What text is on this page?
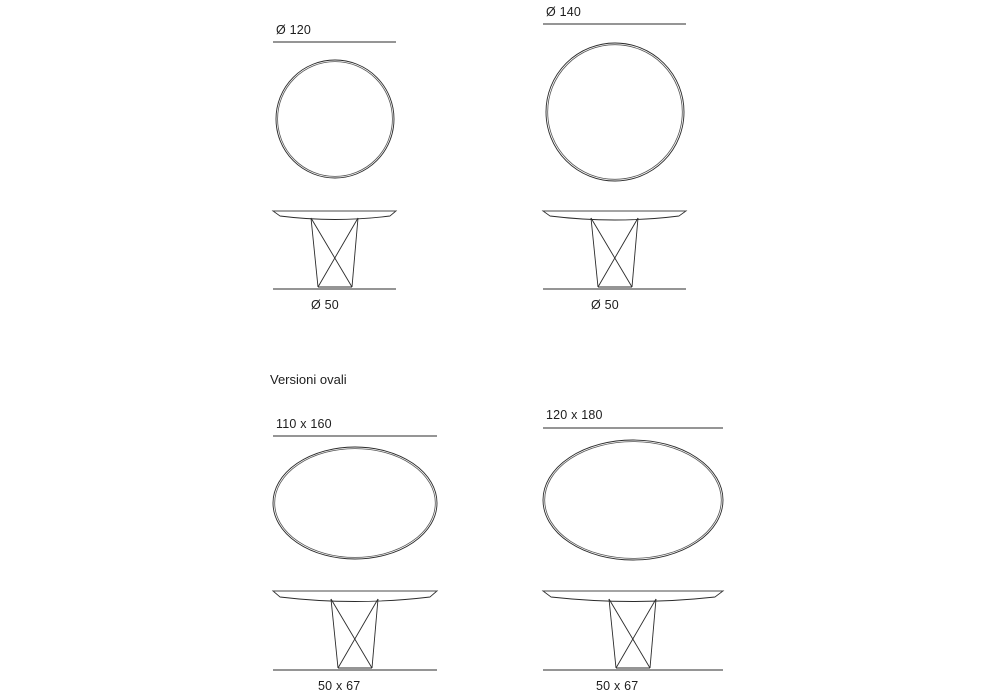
Ø 120
Ø 50
Ø 140
Ø 50
Versioni ovali
110 x 160
50 x 67
120 x 180
50 x 67
